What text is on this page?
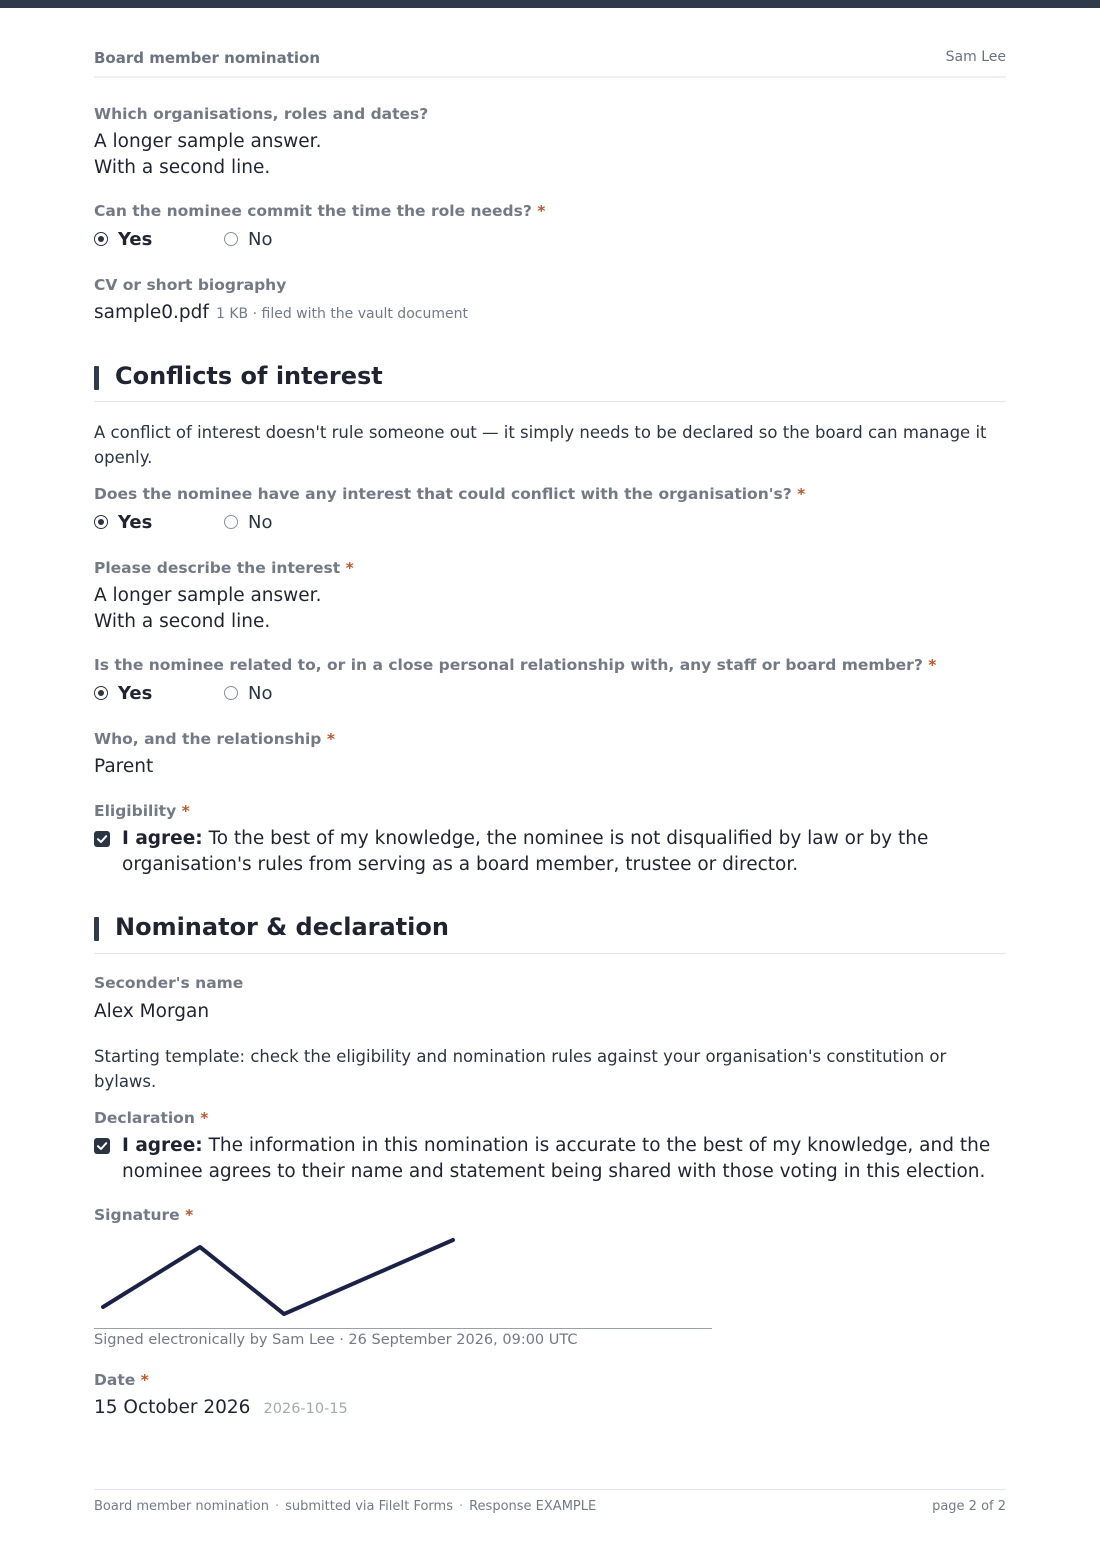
Board member nomination	Sam Lee
Which organisations, roles and dates?
A longer sample answer.
With a second line.
Can the nominee commit the time the role needs? *
Yes	No
CV or short biography
sample0.pdf 1 KB · filed with the vault document
Conflicts of interest
A conflict of interest doesn't rule someone out — it simply needs to be declared so the board can manage it openly.
Does the nominee have any interest that could conflict with the organisation's? *
Yes	No
Please describe the interest *
A longer sample answer.
With a second line.
Is the nominee related to, or in a close personal relationship with, any staff or board member? *
Yes	No
Who, and the relationship *
Parent
Eligibility *
I agree: To the best of my knowledge, the nominee is not disqualified by law or by the organisation's rules from serving as a board member, trustee or director.
Nominator & declaration
Seconder's name
Alex Morgan
Starting template: check the eligibility and nomination rules against your organisation's constitution or bylaws.
Declaration *
I agree: The information in this nomination is accurate to the best of my knowledge, and the nominee agrees to their name and statement being shared with those voting in this election.
Signature *
Signed electronically by Sam Lee · 26 September 2026, 09:00 UTC
Date *
15 October 2026 2026-10-15
Board member nomination · submitted via FileIt Forms · Response EXAMPLE	page 2 of 2
